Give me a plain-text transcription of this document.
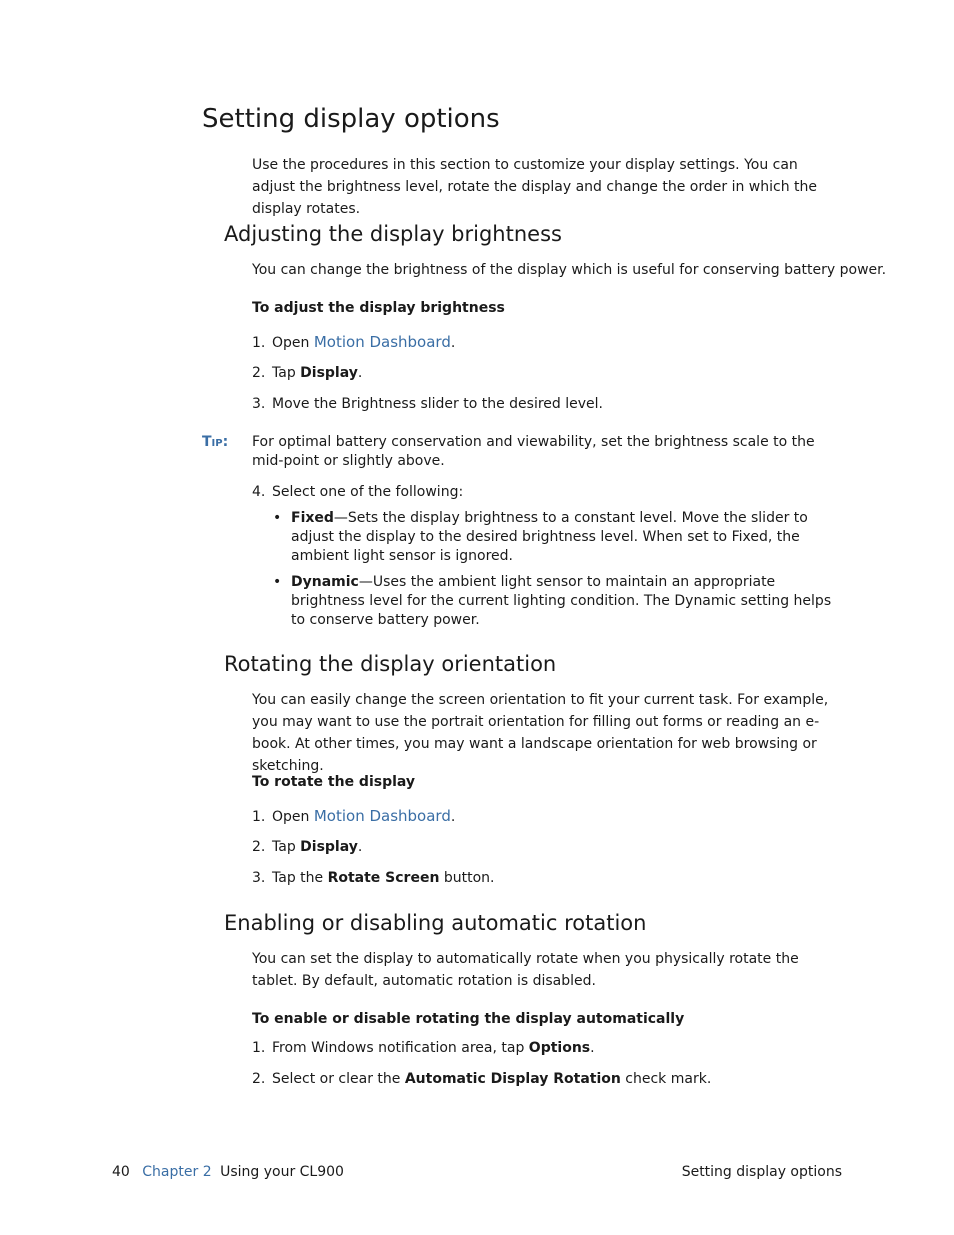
Setting display options
Use the procedures in this section to customize your display settings. You can adjust the brightness level, rotate the display and change the order in which the display rotates.
Adjusting the display brightness
You can change the brightness of the display which is useful for conserving battery power.
To adjust the display brightness
1. Open Motion Dashboard.
2. Tap Display.
3. Move the Brightness slider to the desired level.
Tip: For optimal battery conservation and viewability, set the brightness scale to the mid-point or slightly above.
4. Select one of the following:
• Fixed—Sets the display brightness to a constant level. Move the slider to adjust the display to the desired brightness level. When set to Fixed, the ambient light sensor is ignored.
• Dynamic—Uses the ambient light sensor to maintain an appropriate brightness level for the current lighting condition. The Dynamic setting helps to conserve battery power.
Rotating the display orientation
You can easily change the screen orientation to fit your current task. For example, you may want to use the portrait orientation for filling out forms or reading an e-book. At other times, you may want a landscape orientation for web browsing or sketching.
To rotate the display
1. Open Motion Dashboard.
2. Tap Display.
3. Tap the Rotate Screen button.
Enabling or disabling automatic rotation
You can set the display to automatically rotate when you physically rotate the tablet. By default, automatic rotation is disabled.
To enable or disable rotating the display automatically
1. From Windows notification area, tap Options.
2. Select or clear the Automatic Display Rotation check mark.
40 Chapter 2 Using your CL900	Setting display options
